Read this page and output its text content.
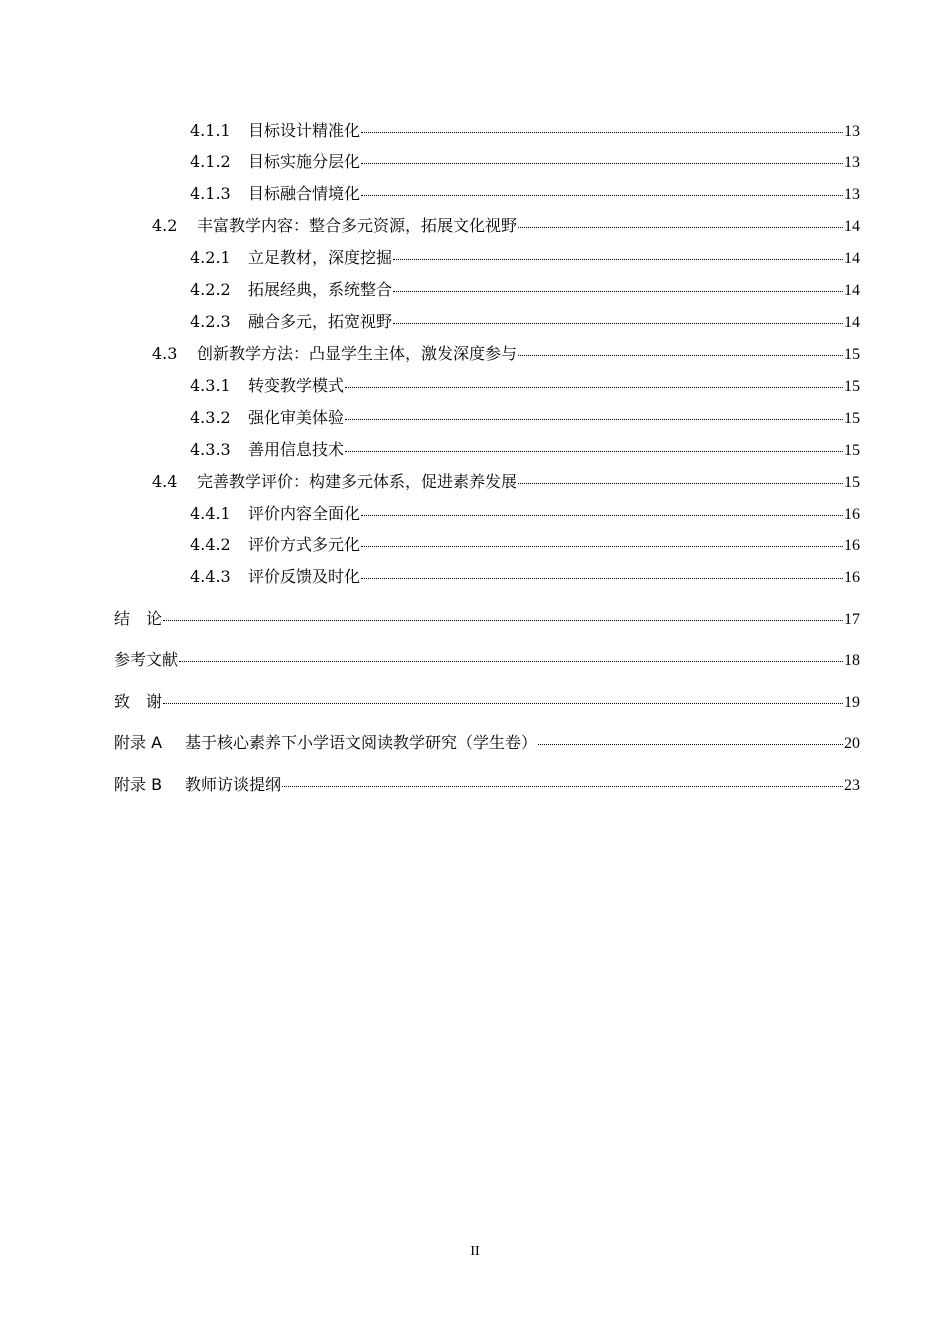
4.1.1	目标设计精准化	13
4.1.2	目标实施分层化	13
4.1.3	目标融合情境化	13
4.2	丰富教学内容：整合多元资源，拓展文化视野	14
4.2.1	立足教材，深度挖掘	14
4.2.2	拓展经典，系统整合	14
4.2.3	融合多元，拓宽视野	14
4.3	创新教学方法：凸显学生主体，激发深度参与	15
4.3.1	转变教学模式	15
4.3.2	强化审美体验	15
4.3.3	善用信息技术	15
4.4	完善教学评价：构建多元体系，促进素养发展	15
4.4.1	评价内容全面化	16
4.4.2	评价方式多元化	16
4.4.3	评价反馈及时化	16
结　论	17
参考文献	18
致　谢	19
附录 A	基于核心素养下小学语文阅读教学研究（学生卷）	20
附录 B	教师访谈提纲	23
II
